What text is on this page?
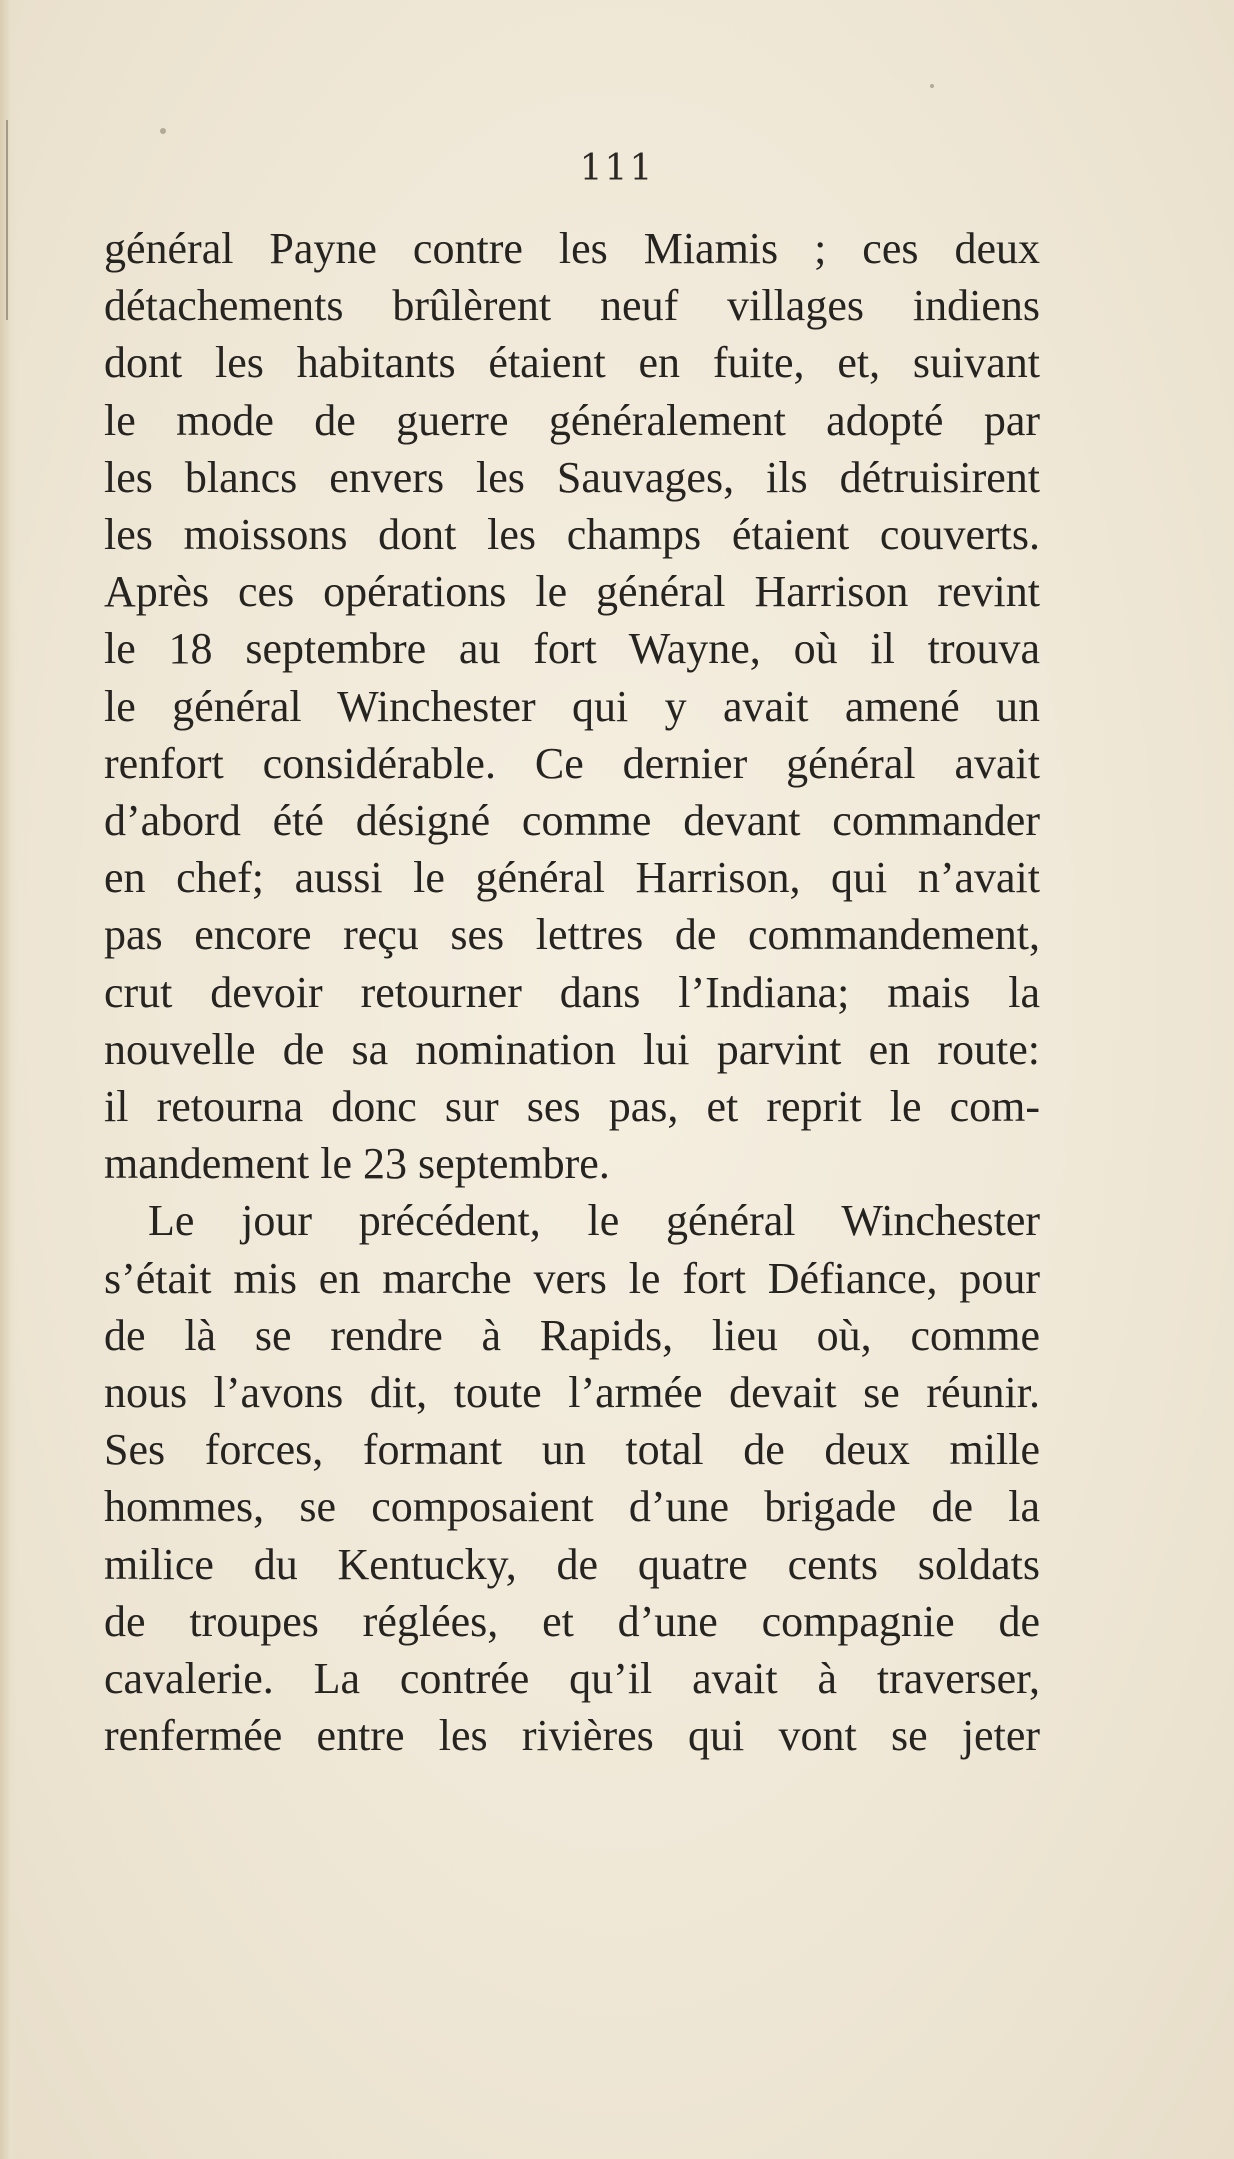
111
général Payne contre les Miamis ; ces deux
détachements brûlèrent neuf villages indiens
dont les habitants étaient en fuite, et, suivant
le mode de guerre généralement adopté par
les blancs envers les Sauvages, ils détruisirent
les moissons dont les champs étaient couverts.
Après ces opérations le général Harrison revint
le 18 septembre au fort Wayne, où il trouva
le général Winchester qui y avait amené un
renfort considérable. Ce dernier général avait
d’abord été désigné comme devant commander
en chef; aussi le général Harrison, qui n’avait
pas encore reçu ses lettres de commandement,
crut devoir retourner dans l’Indiana; mais la
nouvelle de sa nomination lui parvint en route:
il retourna donc sur ses pas, et reprit le com-
mandement le 23 septembre.
Le jour précédent, le général Winchester
s’était mis en marche vers le fort Défiance, pour
de là se rendre à Rapids, lieu où, comme
nous l’avons dit, toute l’armée devait se réunir.
Ses forces, formant un total de deux mille
hommes, se composaient d’une brigade de la
milice du Kentucky, de quatre cents soldats
de troupes réglées, et d’une compagnie de
cavalerie. La contrée qu’il avait à traverser,
renfermée entre les rivières qui vont se jeter
